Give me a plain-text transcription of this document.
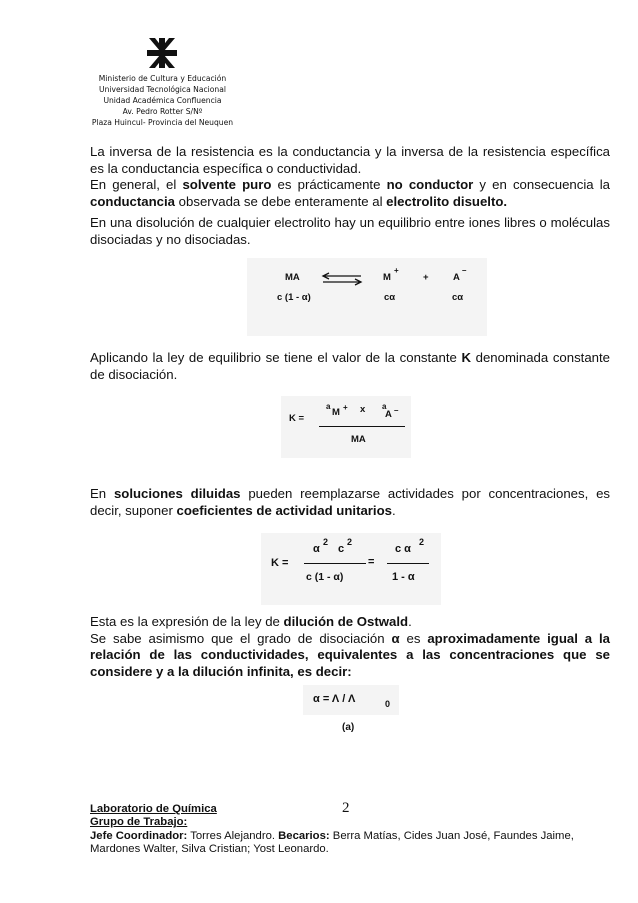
Ministerio de Cultura y Educación
Universidad Tecnológica Nacional
Unidad Académica Confluencia
Av. Pedro Rotter S/Nº
Plaza Huincul- Provincia del Neuquen
La inversa de la resistencia es la conductancia y la inversa de la resistencia específica es la conductancia específica o conductividad.
En general, el solvente puro es prácticamente no conductor y en consecuencia la conductancia observada se debe enteramente al electrolito disuelto.
En una disolución de cualquier electrolito hay un equilibrio entre iones libres o moléculas disociadas y no disociadas.
MA ⇌ M
+
+	A
–
c (1 - α)	cα	cα
Aplicando la ley de equilibrio se tiene el valor de la constante K denominada constante de disociación.
K =
a
M + x a
A –
MA
En soluciones diluidas pueden reemplazarse actividades por concentraciones, es decir, suponer coeficientes de actividad unitarios.
K =
α
2
c
2
c (1 - α)
=
c α
2
1 - α
Esta es la expresión de la ley de dilución de Ostwald.
Se sabe asimismo que el grado de disociación α es aproximadamente igual a la relación de las conductividades, equivalentes a las concentraciones que se considere y a la dilución infinita, es decir:
α = Λ / Λ	0
(a)
2
Laboratorio de Química
Grupo de Trabajo:
Jefe Coordinador: Torres Alejandro. Becarios: Berra Matías, Cides Juan José, Faundes Jaime, Mardones Walter, Silva Cristian; Yost Leonardo.
